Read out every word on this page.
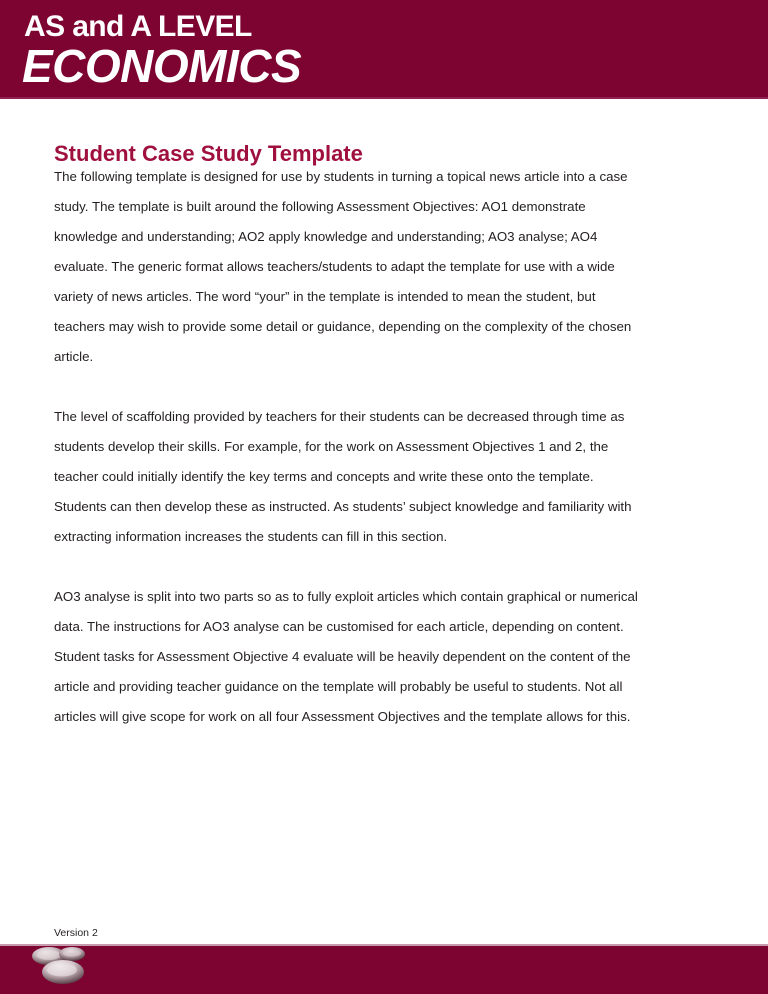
AS and A LEVEL
ECONOMICS
Student Case Study Template

The following template is designed for use by students in turning a topical news article into a case study. The template is built around the following Assessment Objectives: AO1 demonstrate knowledge and understanding; AO2 apply knowledge and understanding; AO3 analyse; AO4 evaluate. The generic format allows teachers/students to adapt the template for use with a wide variety of news articles. The word “your” in the template is intended to mean the student, but teachers may wish to provide some detail or guidance, depending on the complexity of the chosen article.

The level of scaffolding provided by teachers for their students can be decreased through time as students develop their skills. For example, for the work on Assessment Objectives 1 and 2, the teacher could initially identify the key terms and concepts and write these onto the template. Students can then develop these as instructed. As students’ subject knowledge and familiarity with extracting information increases the students can fill in this section.

AO3 analyse is split into two parts so as to fully exploit articles which contain graphical or numerical data. The instructions for AO3 analyse can be customised for each article, depending on content. Student tasks for Assessment Objective 4 evaluate will be heavily dependent on the content of the article and providing teacher guidance on the template will probably be useful to students. Not all articles will give scope for work on all four Assessment Objectives and the template allows for this.

Version 2
